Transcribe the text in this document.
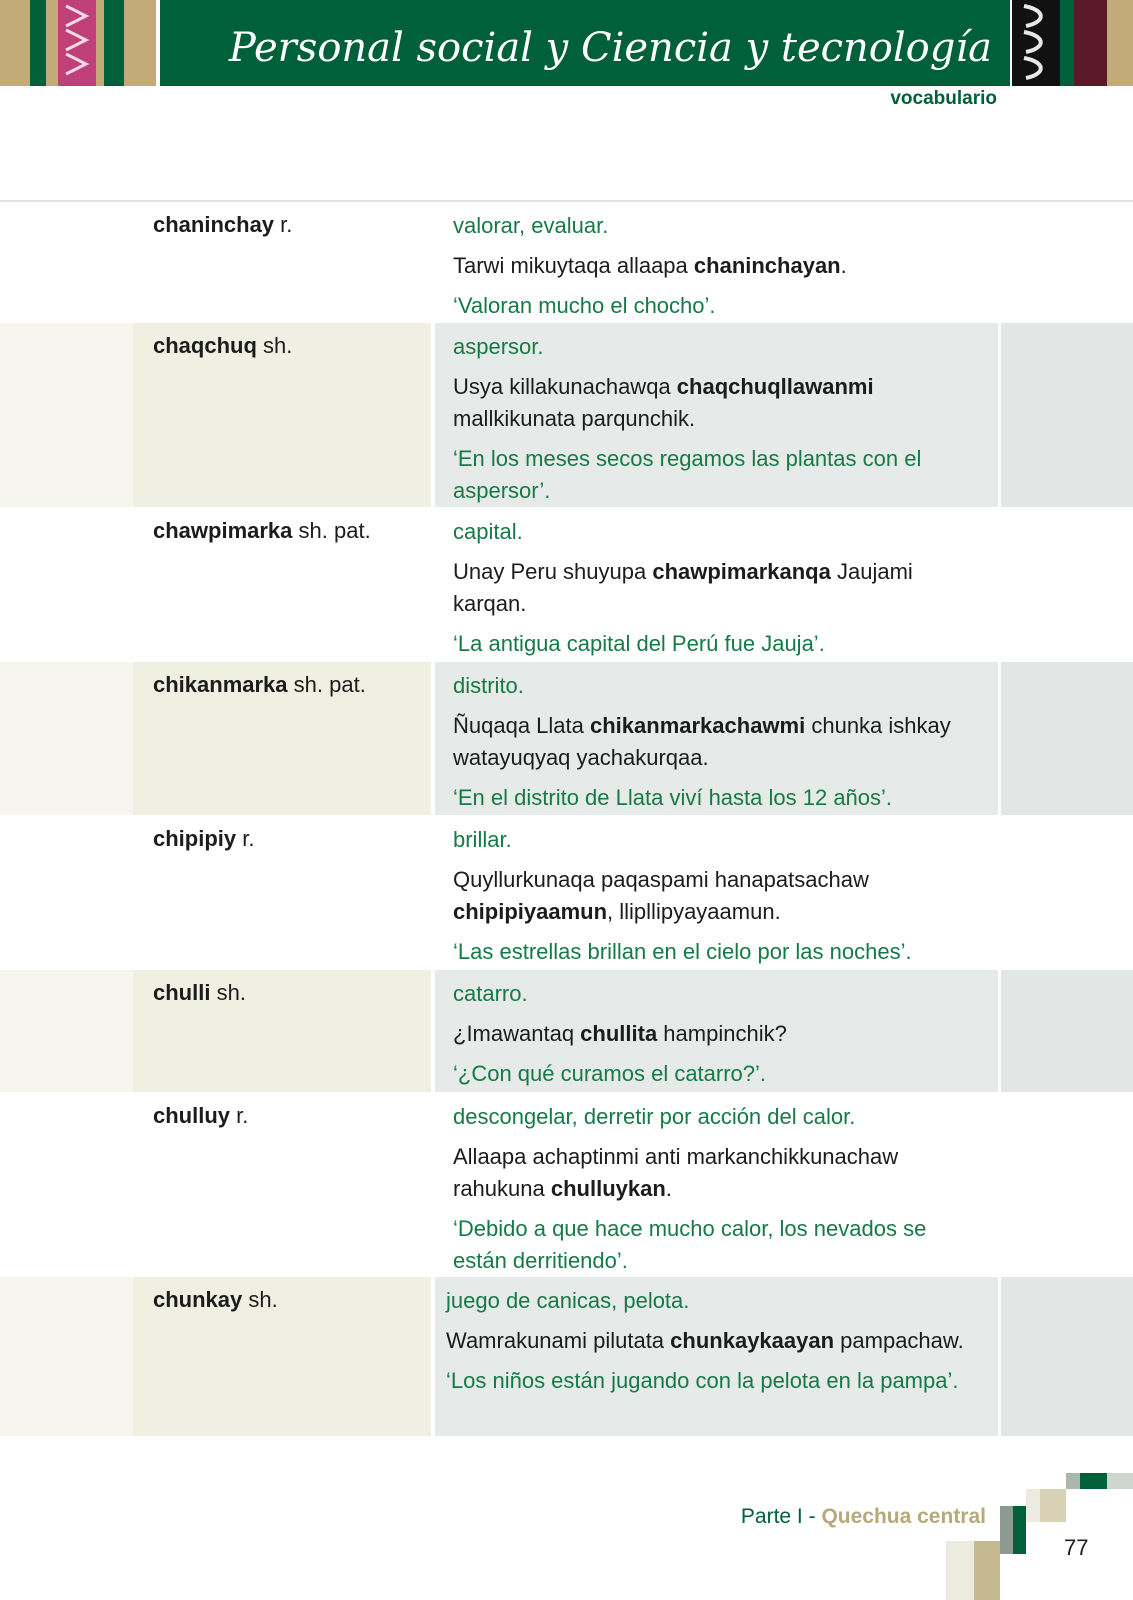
Personal social y Ciencia y tecnología
vocabulario
chaninchay r.	valorar, evaluar.

Tarwi mikuytaqa allaapa chaninchayan.

‘Valoran mucho el chocho’.

chaqchuq sh.	aspersor.

Usya killakunachawqa chaqchuqllawanmi mallkikunata parqunchik.

‘En los meses secos regamos las plantas con el aspersor’.

chawpimarka sh. pat.	capital.

Unay Peru shuyupa chawpimarkanqa Jaujami karqan.

‘La antigua capital del Perú fue Jauja’.

chikanmarka sh. pat.	distrito.

Ñuqaqa Llata chikanmarkachawmi chunka ishkay watayuqyaq yachakurqaa.

‘En el distrito de Llata viví hasta los 12 años’.

chipipiy r.	brillar.

Quyllurkunaqa paqaspami hanapatsachaw chipipiyaamun, llipllipyayaamun.

‘Las estrellas brillan en el cielo por las noches’.

chulli sh.	catarro.

¿Imawantaq chullita hampinchik?

‘¿Con qué curamos el catarro?’.

chulluy r.	descongelar, derretir por acción del calor.

Allaapa achaptinmi anti markanchikkunachaw rahukuna chulluykan.

‘Debido a que hace mucho calor, los nevados se están derritiendo’.

chunkay sh.	juego de canicas, pelota.

Wamrakunami pilutata chunkaykaayan pampachaw.

‘Los niños están jugando con la pelota en la pampa’.

Parte I - Quechua central
77
